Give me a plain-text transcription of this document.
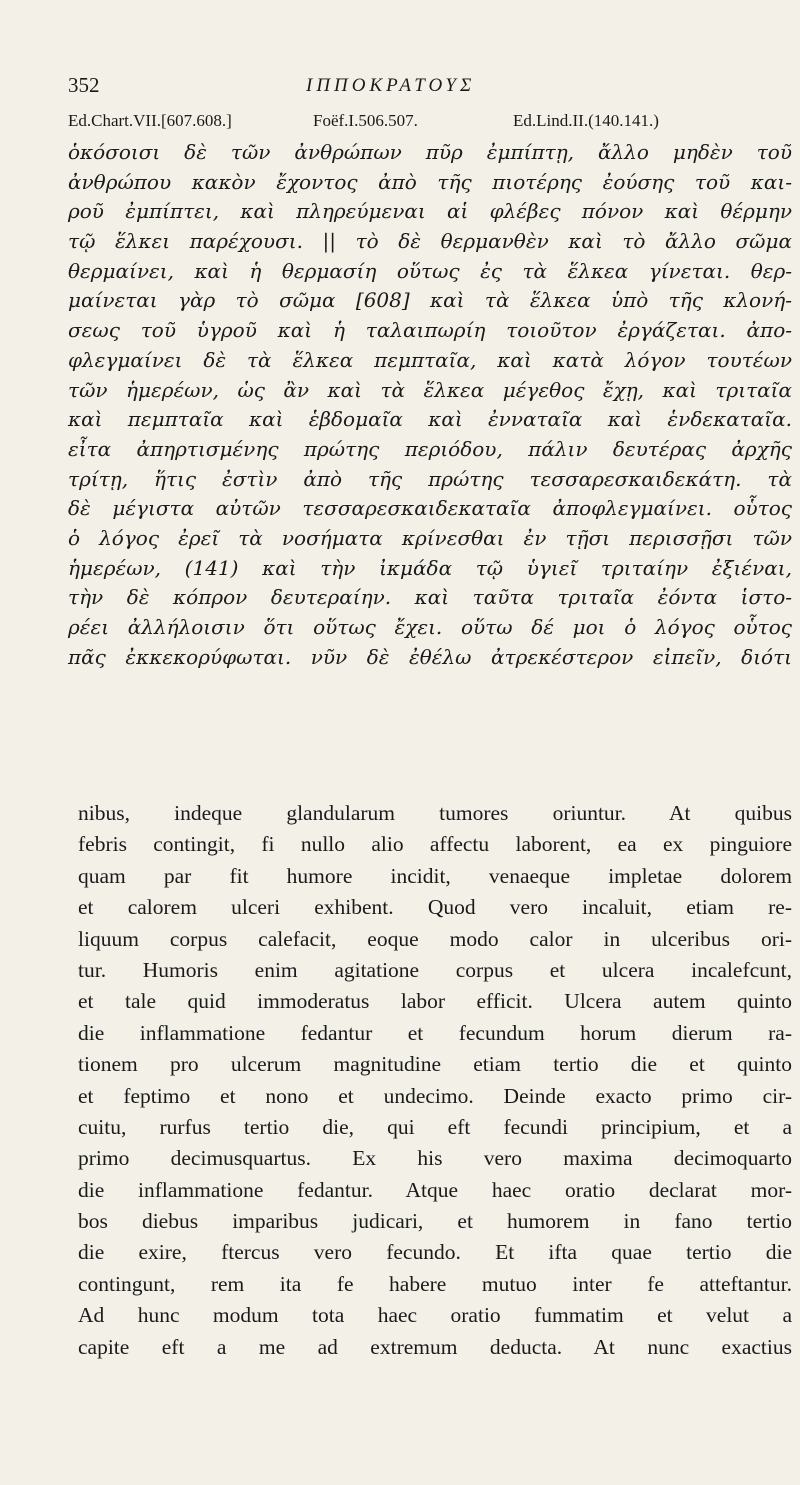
352	ΙΠΠΟΚΡΑΤΟΥΣ
Ed.Chart.VII.[607.608.]	Foëf.I.506.507.	Ed.Lind.II.(140.141.)
ὁκόσοισι δὲ τῶν ἀνθρώπων πῦρ ἐμπίπτῃ, ἄλλο μηδὲν τοῦ
ἀνθρώπου κακὸν ἔχοντος ἀπὸ τῆς πιοτέρης ἐούσης τοῦ και-
ροῦ ἐμπίπτει, καὶ πληρεύμεναι αἱ φλέβες πόνον καὶ θέρμην
τῷ ἕλκει παρέχουσι. || τὸ δὲ θερμανθὲν καὶ τὸ ἄλλο σῶμα
θερμαίνει, καὶ ἡ θερμασίη οὕτως ἐς τὰ ἕλκεα γίνεται. θερ-
μαίνεται γὰρ τὸ σῶμα [608] καὶ τὰ ἕλκεα ὑπὸ τῆς κλονή-
σεως τοῦ ὑγροῦ καὶ ἡ ταλαιπωρίη τοιοῦτον ἐργάζεται. ἀπο-
φλεγμαίνει δὲ τὰ ἕλκεα πεμπταῖα, καὶ κατὰ λόγον τουτέων
τῶν ἡμερέων, ὡς ἂν καὶ τὰ ἕλκεα μέγεθος ἔχῃ, καὶ τριταῖα
καὶ πεμπταῖα καὶ ἑβδομαῖα καὶ ἐνναταῖα καὶ ἑνδεκαταῖα.
εἶτα ἀπηρτισμένης πρώτης περιόδου, πάλιν δευτέρας ἀρχῆς
τρίτῃ, ἥτις ἐστὶν ἀπὸ τῆς πρώτης τεσσαρεσκαιδεκάτη. τὰ
δὲ μέγιστα αὐτῶν τεσσαρεσκαιδεκαταῖα ἀποφλεγμαίνει. οὗτος
ὁ λόγος ἐρεῖ τὰ νοσήματα κρίνεσθαι ἐν τῇσι περισσῇσι τῶν
ἡμερέων, (141) καὶ τὴν ἰκμάδα τῷ ὑγιεῖ τριταίην ἐξιέναι,
τὴν δὲ κόπρον δευτεραίην. καὶ ταῦτα τριταῖα ἐόντα ἱστο-
ρέει ἀλλήλοισιν ὅτι οὕτως ἔχει. οὕτω δέ μοι ὁ λόγος οὗτος
πᾶς ἐκκεκορύφωται. νῦν δὲ ἐθέλω ἀτρεκέστερον εἰπεῖν, διότι
nibus, indeque glandularum tumores oriuntur. At quibus
febris contingit, fi nullo alio affectu laborent, ea ex pinguiore
quam par fit humore incidit, venaeque impletae dolorem
et calorem ulceri exhibent. Quod vero incaluit, etiam re-
liquum corpus calefacit, eoque modo calor in ulceribus ori-
tur. Humoris enim agitatione corpus et ulcera incalefcunt,
et tale quid immoderatus labor efficit. Ulcera autem quinto
die inflammatione fedantur et fecundum horum dierum ra-
tionem pro ulcerum magnitudine etiam tertio die et quinto
et feptimo et nono et undecimo. Deinde exacto primo cir-
cuitu, rurfus tertio die, qui eft fecundi principium, et a
primo decimusquartus. Ex his vero maxima decimoquarto
die inflammatione fedantur. Atque haec oratio declarat mor-
bos diebus imparibus judicari, et humorem in fano tertio
die exire, ftercus vero fecundo. Et ifta quae tertio die
contingunt, rem ita fe habere mutuo inter fe atteftantur.
Ad hunc modum tota haec oratio fummatim et velut a
capite eft a me ad extremum deducta. At nunc exactius
